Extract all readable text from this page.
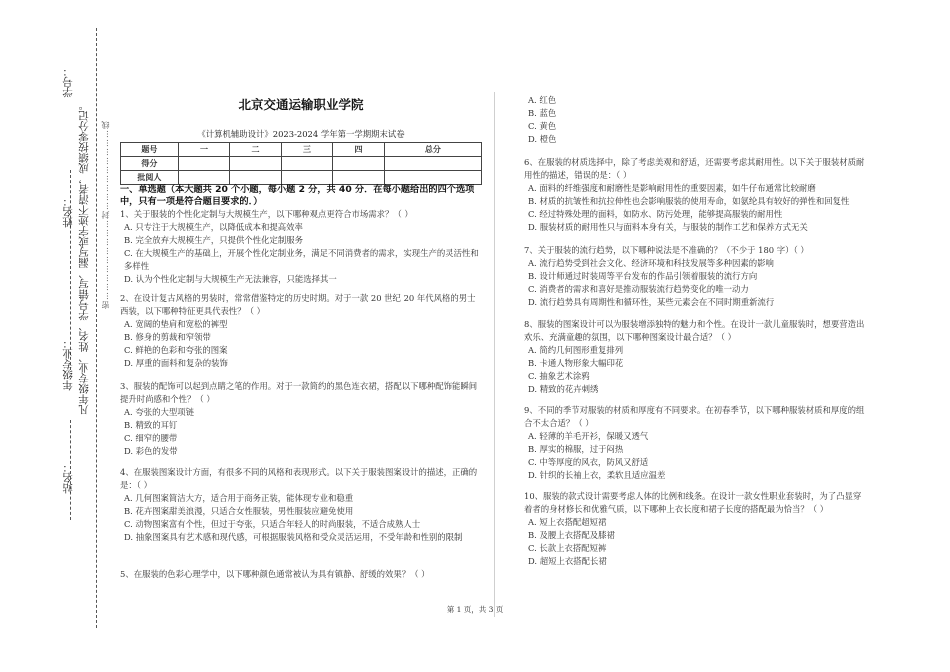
学号：
姓名：
年级专业：
站名：
凡年级专业、姓名、学号错写、漏写或字迹不清者，成绩按零分记。 密………………………封………………………线
北京交通运输职业学院
《计算机辅助设计》2023-2024 学年第一学期期末试卷
题号	一	二	三	四	总分
得分					
批阅人					
一、单选题（本大题共 20 个小题，每小题 2 分，共 40 分．在每小题给出的四个选项中，只有一项是符合题目要求的．）

1、关于服装的个性化定制与大规模生产，以下哪种观点更符合市场需求？（ ）

A. 只专注于大规模生产，以降低成本和提高效率

B. 完全放弃大规模生产，只提供个性化定制服务

C. 在大规模生产的基础上，开展个性化定制业务，满足不同消费者的需求，实现生产的灵活性和多样性

D. 认为个性化定制与大规模生产无法兼容，只能选择其一

2、在设计复古风格的男装时，常常借鉴特定的历史时期。对于一款 20 世纪 20 年代风格的男士西装，以下哪种特征更具代表性？（ ）

A. 宽阔的垫肩和宽松的裤型

B. 修身的剪裁和窄领带

C. 鲜艳的色彩和夸张的图案

D. 厚重的面料和复杂的装饰

3、服装的配饰可以起到点睛之笔的作用。对于一款简约的黑色连衣裙，搭配以下哪种配饰能瞬间提升时尚感和个性？（ ）

A. 夸张的大型项链

B. 精致的耳钉

C. 细窄的腰带

D. 彩色的发带

4、在服装图案设计方面，有很多不同的风格和表现形式。以下关于服装图案设计的描述，正确的是：（ ）

A. 几何图案简洁大方，适合用于商务正装，能体现专业和稳重

B. 花卉图案甜美浪漫，只适合女性服装，男性服装应避免使用

C. 动物图案富有个性，但过于夸张，只适合年轻人的时尚服装，不适合成熟人士

D. 抽象图案具有艺术感和现代感，可根据服装风格和受众灵活运用，不受年龄和性别的限制

5、在服装的色彩心理学中，以下哪种颜色通常被认为具有镇静、舒缓的效果？（ ）

A. 红色

B. 蓝色

C. 黄色

D. 橙色

6、在服装的材质选择中，除了考虑美观和舒适，还需要考虑其耐用性。以下关于服装材质耐用性的描述，错误的是：（ ）

A. 面料的纤维强度和耐磨性是影响耐用性的重要因素，如牛仔布通常比较耐磨

B. 材质的抗皱性和抗拉伸性也会影响服装的使用寿命，如氨纶具有较好的弹性和回复性

C. 经过特殊处理的面料，如防水、防污处理，能够提高服装的耐用性

D. 服装材质的耐用性只与面料本身有关，与服装的制作工艺和保养方式无关

7、关于服装的流行趋势，以下哪种说法是不准确的？（不少于 180 字）（ ）

A. 流行趋势受到社会文化、经济环境和科技发展等多种因素的影响

B. 设计师通过时装周等平台发布的作品引领着服装的流行方向

C. 消费者的需求和喜好是推动服装流行趋势变化的唯一动力

D. 流行趋势具有周期性和循环性，某些元素会在不同时期重新流行

8、服装的图案设计可以为服装增添独特的魅力和个性。在设计一款儿童服装时，想要营造出欢乐、充满童趣的氛围，以下哪种图案设计最合适？（ ）

A. 简约几何图形重复排列

B. 卡通人物形象大幅印花

C. 抽象艺术涂鸦

D. 精致的花卉刺绣

9、不同的季节对服装的材质和厚度有不同要求。在初春季节，以下哪种服装材质和厚度的组合不太合适？（ ）

A. 轻薄的羊毛开衫，保暖又透气

B. 厚实的棉服，过于闷热

C. 中等厚度的风衣，防风又舒适

D. 针织的长袖上衣，柔软且适应温差

10、服装的款式设计需要考虑人体的比例和线条。在设计一款女性职业套装时，为了凸显穿着者的身材修长和优雅气质，以下哪种上衣长度和裙子长度的搭配最为恰当？（ ）

A. 短上衣搭配超短裙

B. 及腰上衣搭配及膝裙

C. 长款上衣搭配短裤

D. 超短上衣搭配长裙

第 1 页，共 3 页
